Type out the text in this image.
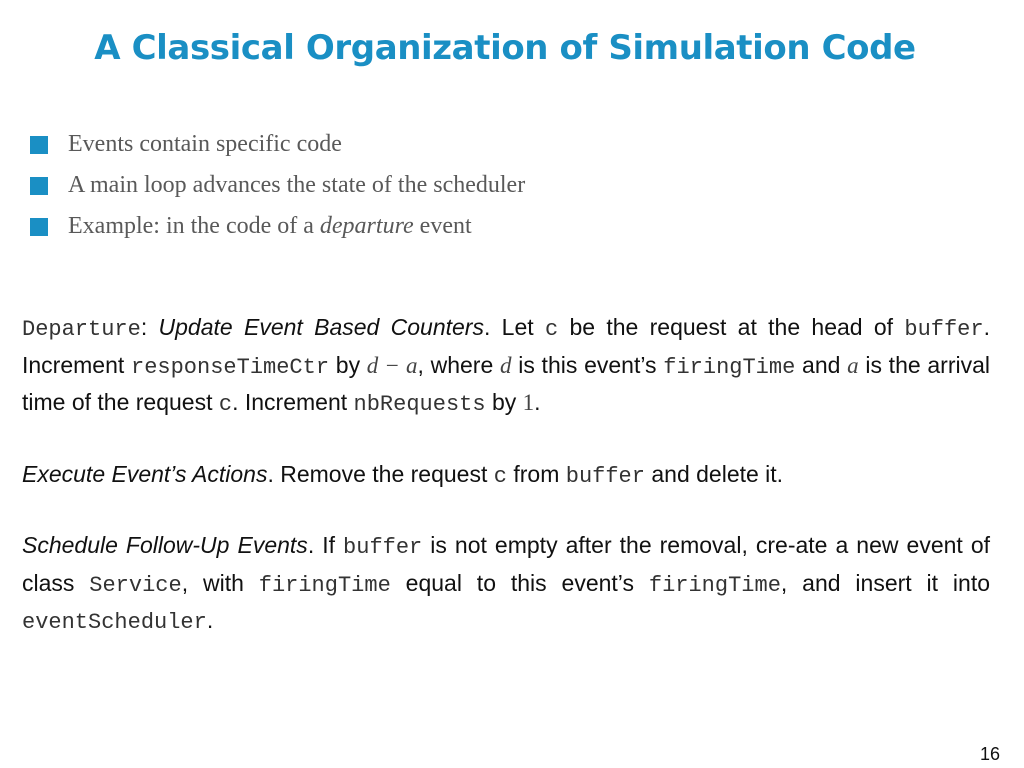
A Classical Organization of Simulation Code
Events contain specific code
A main loop advances the state of the scheduler
Example: in the code of a departure event

Departure: Update Event Based Counters. Let c be the request at the head of buffer. Increment responseTimeCtr by d − a, where d is this event’s firingTime and a is the arrival time of the request c. Increment nbRequests by 1.

Execute Event’s Actions. Remove the request c from buffer and delete it.

Schedule Follow-Up Events. If buffer is not empty after the removal, cre-ate a new event of class Service, with firingTime equal to this event’s firingTime, and insert it into eventScheduler.

16
